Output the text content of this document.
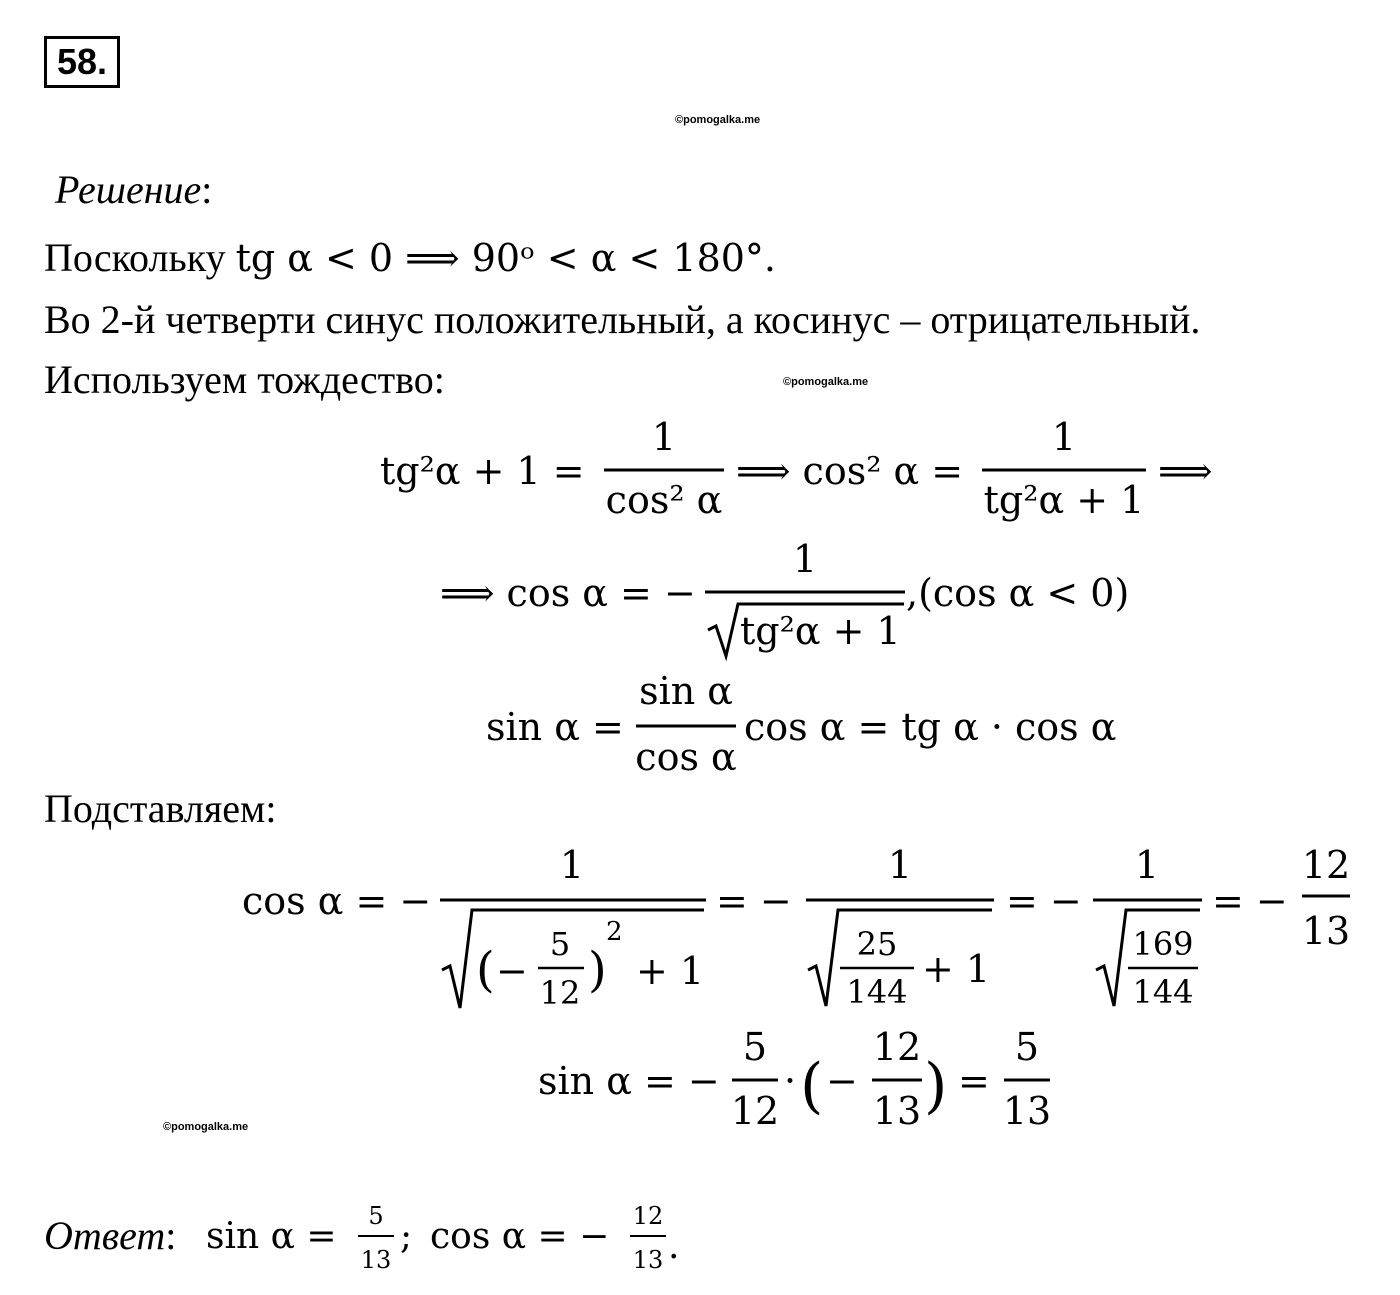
58.
©pomogalka.me
©pomogalka.me
©pomogalka.me
Решение:
Поскольку tg α < 0 ⟹ 90ᵒ < α < 180°.
Во 2-й четверти синус положительный, а косинус – отрицательный.
Используем тождество:
Подставляем:
tg²α + 1 =
1
cos² α
⟹ cos² α =
1
tg²α + 1
⟹
⟹ cos α = −
1
tg²α + 1
,(cos α < 0)
sin α =
sin α
cos α
cos α = tg α · cos α
cos α = −
1
( −
5
12 )
2
+ 1
= −
1
25
144
+ 1
= −
1
169
144
= −
12
13
sin α = −
5
12
· ( −
12
13 ) =
5
13
Ответ: sin α = 5
13
; cos α = − 12
13 .
